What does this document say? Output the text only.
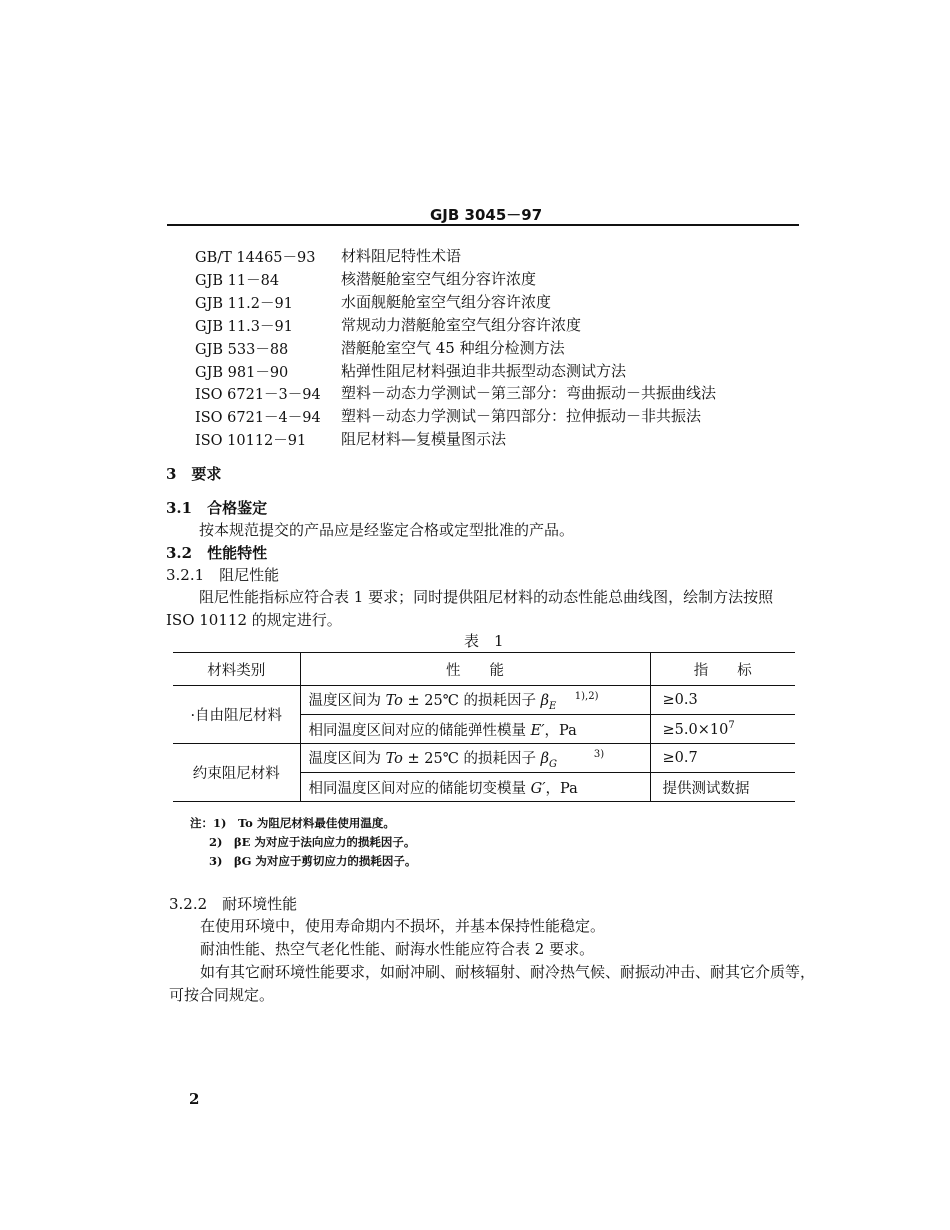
GJB 3045－97
GB/T 14465－93 材料阻尼特性术语
GJB 11－84	核潜艇舱室空气组分容许浓度
GJB 11.2－91	水面舰艇舱室空气组分容许浓度
GJB 11.3－91	常规动力潜艇舱室空气组分容许浓度
GJB 533－88	潜艇舱室空气 45 种组分检测方法
GJB 981－90	粘弹性阻尼材料强迫非共振型动态测试方法
ISO 6721－3－94 塑料－动态力学测试－第三部分：弯曲振动－共振曲线法
ISO 6721－4－94 塑料－动态力学测试－第四部分：拉伸振动－非共振法
ISO 10112－91 阻尼材料—复模量图示法
3　要求
3.1　合格鉴定
按本规范提交的产品应是经鉴定合格或定型批准的产品。
3.2　性能特性
3.2.1　阻尼性能
阻尼性能指标应符合表 1 要求；同时提供阻尼材料的动态性能总曲线图，绘制方法按照
ISO 10112 的规定进行。
表　1
材料类别	性　　能	指　　标
·自由阻尼材料	温度区间为 To ± 25℃ 的损耗因子 $\beta_E$    $^{1),2)}$	≥0.3
	相同温度区间对应的储能弹性模量 E′，Pa	$\ge 5.0\times 10^7$
约束阻尼材料	温度区间为 To ± 25℃ 的损耗因子 $\beta_G$        $^{3)}$	≥0.7
	相同温度区间对应的储能切变模量 G′，Pa	提供测试数据
注：1)　To 为阻尼材料最佳使用温度。
2)　βE 为对应于法向应力的损耗因子。
3)　βG 为对应于剪切应力的损耗因子。
3.2.2　耐环境性能
在使用环境中，使用寿命期内不损坏，并基本保持性能稳定。
耐油性能、热空气老化性能、耐海水性能应符合表 2 要求。
如有其它耐环境性能要求，如耐冲刷、耐核辐射、耐冷热气候、耐振动冲击、耐其它介质等，
可按合同规定。
2
